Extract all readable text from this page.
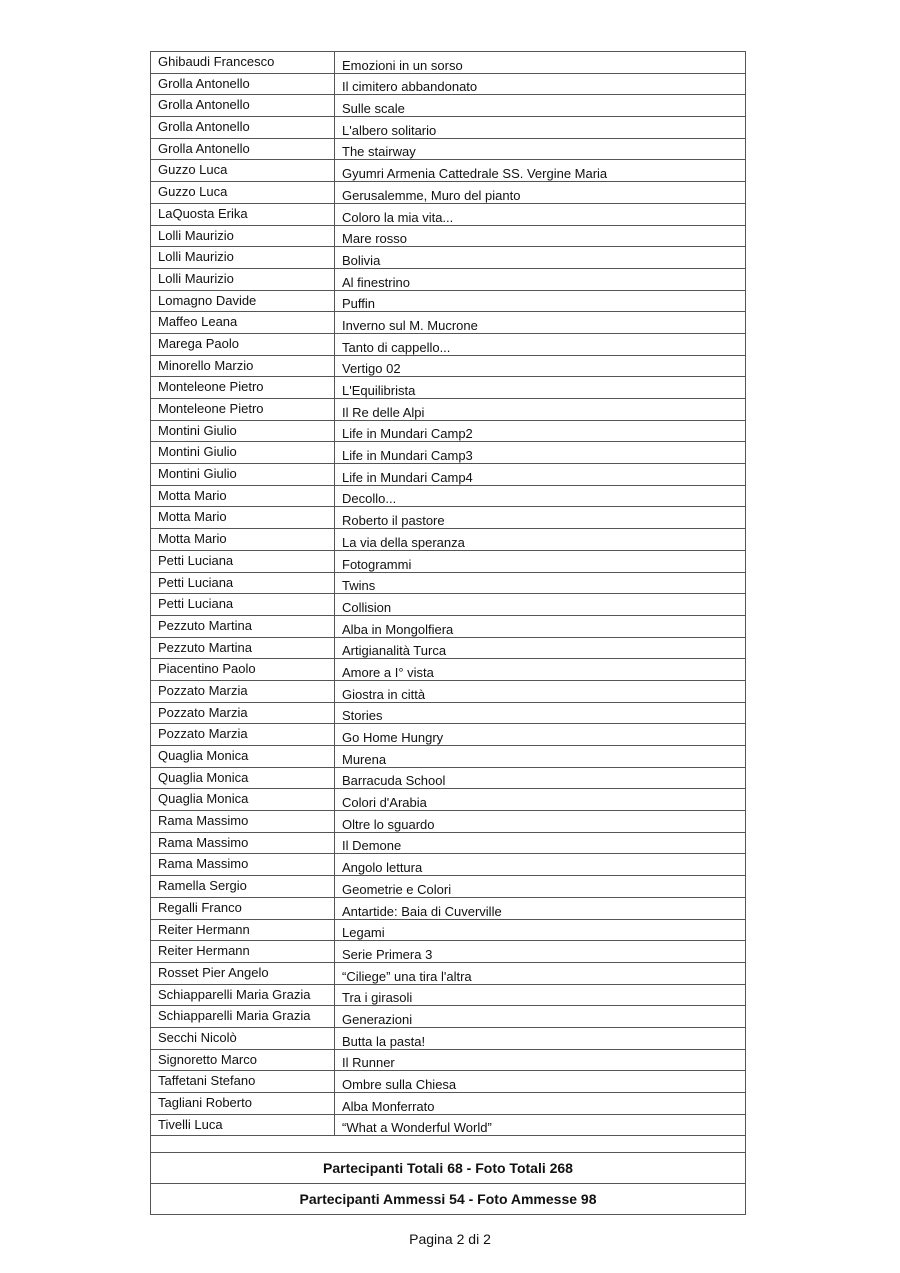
Ghibaudi Francesco	Emozioni in un sorso
Grolla Antonello	Il cimitero abbandonato
Grolla Antonello	Sulle scale
Grolla Antonello	L'albero solitario
Grolla Antonello	The stairway
Guzzo Luca	Gyumri Armenia Cattedrale SS. Vergine Maria
Guzzo Luca	Gerusalemme, Muro del pianto
LaQuosta Erika	Coloro la mia vita...
Lolli Maurizio	Mare rosso
Lolli Maurizio	Bolivia
Lolli Maurizio	Al finestrino
Lomagno Davide	Puffin
Maffeo Leana	Inverno sul M. Mucrone
Marega Paolo	Tanto di cappello...
Minorello Marzio	Vertigo 02
Monteleone Pietro	L'Equilibrista
Monteleone Pietro	Il Re delle Alpi
Montini Giulio	Life in Mundari Camp2
Montini Giulio	Life in Mundari Camp3
Montini Giulio	Life in Mundari Camp4
Motta Mario	Decollo...
Motta Mario	Roberto il pastore
Motta Mario	La via della speranza
Petti Luciana	Fotogrammi
Petti Luciana	Twins
Petti Luciana	Collision
Pezzuto Martina	Alba in Mongolfiera
Pezzuto Martina	Artigianalità Turca
Piacentino Paolo	Amore a I° vista
Pozzato Marzia	Giostra in città
Pozzato Marzia	Stories
Pozzato Marzia	Go Home Hungry
Quaglia Monica	Murena
Quaglia Monica	Barracuda School
Quaglia Monica	Colori d'Arabia
Rama Massimo	Oltre lo sguardo
Rama Massimo	Il Demone
Rama Massimo	Angolo lettura
Ramella Sergio	Geometrie e Colori
Regalli Franco	Antartide: Baia di Cuverville
Reiter Hermann	Legami
Reiter Hermann	Serie Primera 3
Rosset Pier Angelo	“Ciliege” una tira l'altra
Schiapparelli Maria Grazia	Tra i girasoli
Schiapparelli Maria Grazia	Generazioni
Secchi Nicolò	Butta la pasta!
Signoretto Marco	Il Runner
Taffetani Stefano	Ombre sulla Chiesa
Tagliani Roberto	Alba Monferrato
Tivelli Luca	“What a Wonderful World”
Partecipanti Totali 68 - Foto Totali 268
Partecipanti Ammessi 54 - Foto Ammesse 98
Pagina 2 di 2
